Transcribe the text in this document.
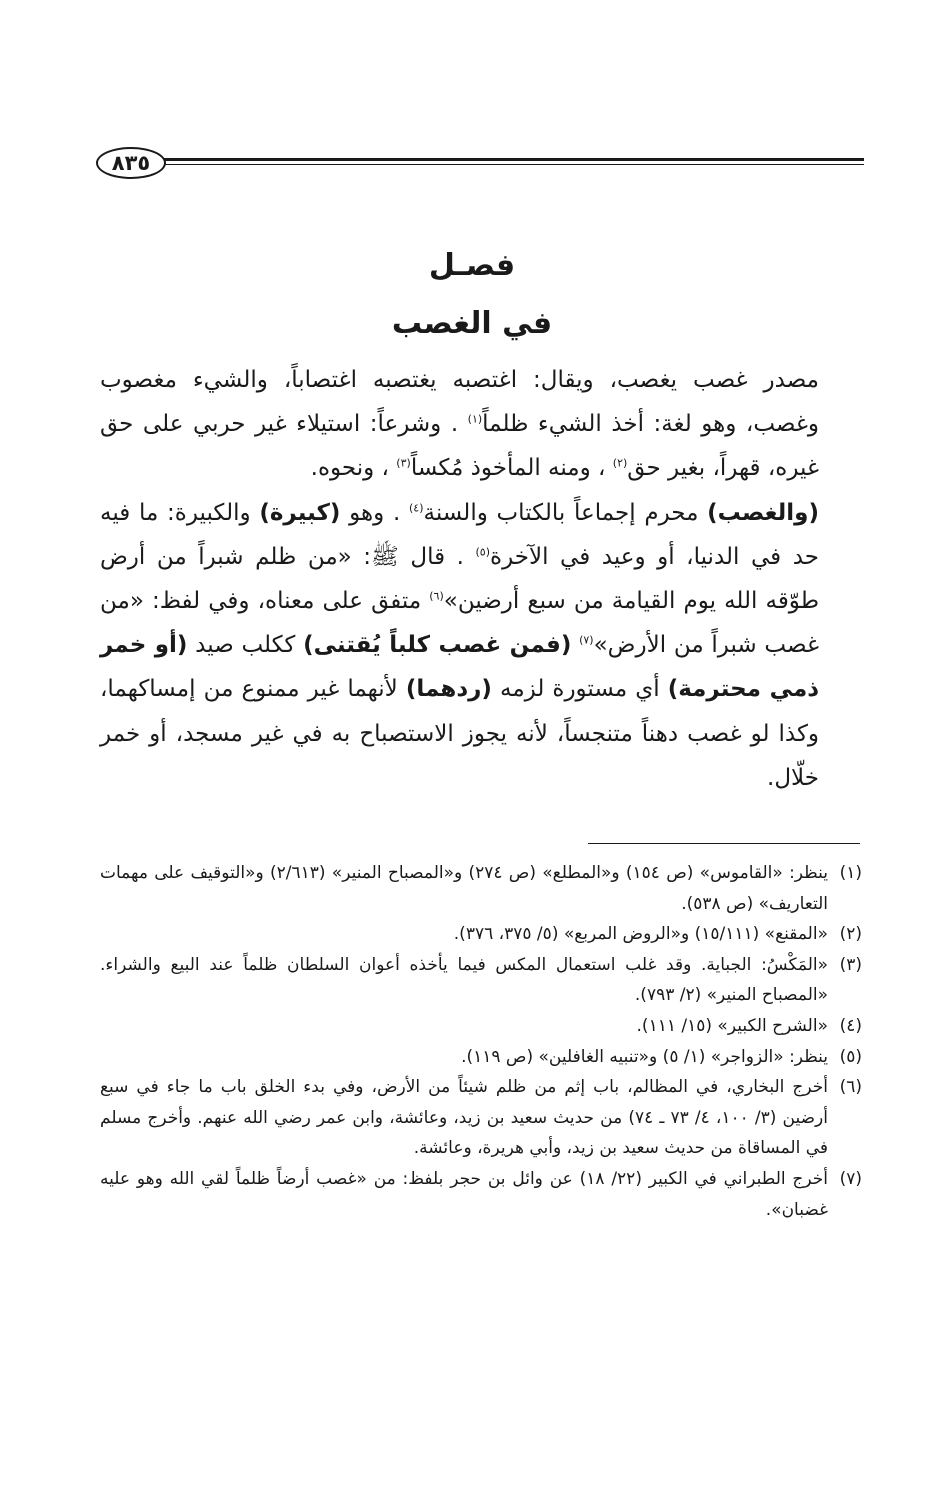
٨٣٥
فصـل
في الغصب

مصدر غصب يغصب، ويقال: اغتصبه يغتصبه اغتصاباً، والشيء مغصوب وغصب، وهو لغة: أخذ الشيء ظلماً$^{(١)}$ . وشرعاً: استيلاء غير حربي على حق غيره، قهراً، بغير حق$^{(٢)}$ ، ومنه المأخوذ مُكساً$^{(٣)}$ ، ونحوه.

(والغصب) محرم إجماعاً بالكتاب والسنة$^{(٤)}$ . وهو (كبيرة) والكبيرة: ما فيه حد في الدنيا، أو وعيد في الآخرة$^{(٥)}$ . قال ﷺ: «من ظلم شبراً من أرض طوّقه الله يوم القيامة من سبع أرضين»$^{(٦)}$ متفق على معناه، وفي لفظ: «من غصب شبراً من الأرض»$^{(٧)}$ (فمن غصب كلباً يُقتنى) ككلب صيد (أو خمر ذمي محترمة) أي مستورة لزمه (ردهما) لأنهما غير ممنوع من إمساكهما، وكذا لو غصب دهناً متنجساً، لأنه يجوز الاستصباح به في غير مسجد، أو خمر خلّال.

(١)
ينظر: «القاموس» (ص ١٥٤) و«المطلع» (ص ٢٧٤) و«المصباح المنير» (٢/٦١٣) و«التوقيف على مهمات التعاريف» (ص ٥٣٨).

(٢)
«المقنع» (١٥/١١١) و«الروض المربع» (٥/ ٣٧٥، ٣٧٦).

(٣)
«المَكْسُ: الجباية. وقد غلب استعمال المكس فيما يأخذه أعوان السلطان ظلماً عند البيع والشراء. «المصباح المنير» (٢/ ٧٩٣).

(٤)
«الشرح الكبير» (١٥/ ١١١).

(٥)
ينظر: «الزواجر» (١/ ٥) و«تنبيه الغافلين» (ص ١١٩).

(٦)
أخرج البخاري، في المظالم، باب إثم من ظلم شيئاً من الأرض، وفي بدء الخلق باب ما جاء في سبع أرضين (٣/ ١٠٠، ٤/ ٧٣ ـ ٧٤) من حديث سعيد بن زيد، وعائشة، وابن عمر رضي الله عنهم. وأخرج مسلم في المساقاة من حديث سعيد بن زيد، وأبي هريرة، وعائشة.

(٧)
أخرج الطبراني في الكبير (٢٢/ ١٨) عن وائل بن حجر بلفظ: من «غصب أرضاً ظلماً لقي الله وهو عليه غضبان».
